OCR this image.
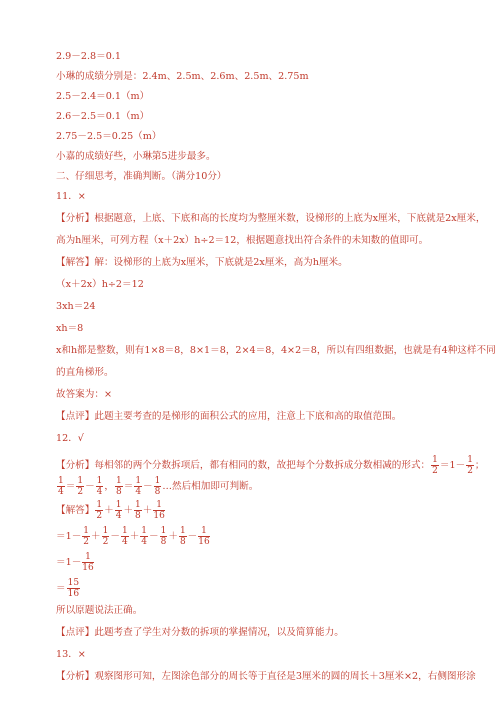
2.9－2.8＝0.1
小琳的成绩分别是：2.4m、2.5m、2.6m、2.5m、2.75m
2.5－2.4＝0.1（m）
2.6－2.5＝0.1（m）
2.75－2.5＝0.25（m）
小嘉的成绩好些，小琳第5进步最多。
二、仔细思考，准确判断。（满分10分）
11．×
【分析】根据题意，上底、下底和高的长度均为整厘米数，设梯形的上底为x厘米，下底就是2x厘米，
高为h厘米，可列方程（x＋2x）h÷2＝12，根据题意找出符合条件的未知数的值即可。
【解答】解：设梯形的上底为x厘米，下底就是2x厘米，高为h厘米。
（x＋2x）h÷2＝12
3xh＝24
xh＝8
x和h都是整数，则有1×8＝8，8×1＝8，2×4＝8，4×2＝8，所以有四组数据，也就是有4种这样不同
的直角梯形。
故答案为：×
【点评】此题主要考查的是梯形的面积公式的应用，注意上下底和高的取值范围。
12．√
【分析】每相邻的两个分数拆项后，都有相同的数，故把每个分数拆成分数相减的形式： $\frac{1}{2} =1- \frac{1}{2}$ ；
$\frac{1}{4} = \frac{1}{2} - \frac{1}{4}$ ， $\frac{1}{8} = \frac{1}{4} - \frac{1}{8}$ …然后相加即可判断。
【解答】 $\frac{1}{2} + \frac{1}{4} + \frac{1}{8} + \frac{1}{16}$
$=1- \frac{1}{2} + \frac{1}{2} - \frac{1}{4} + \frac{1}{4} - \frac{1}{8} + \frac{1}{8} - \frac{1}{16}$
$=1- \frac{1}{16}$
＝ $\frac{15}{16}$
所以原题说法正确。
【点评】此题考查了学生对分数的拆项的掌握情况，以及简算能力。
13．×
【分析】观察图形可知，左图涂色部分的周长等于直径是3厘米的圆的周长＋3厘米×2，右侧图形涂
